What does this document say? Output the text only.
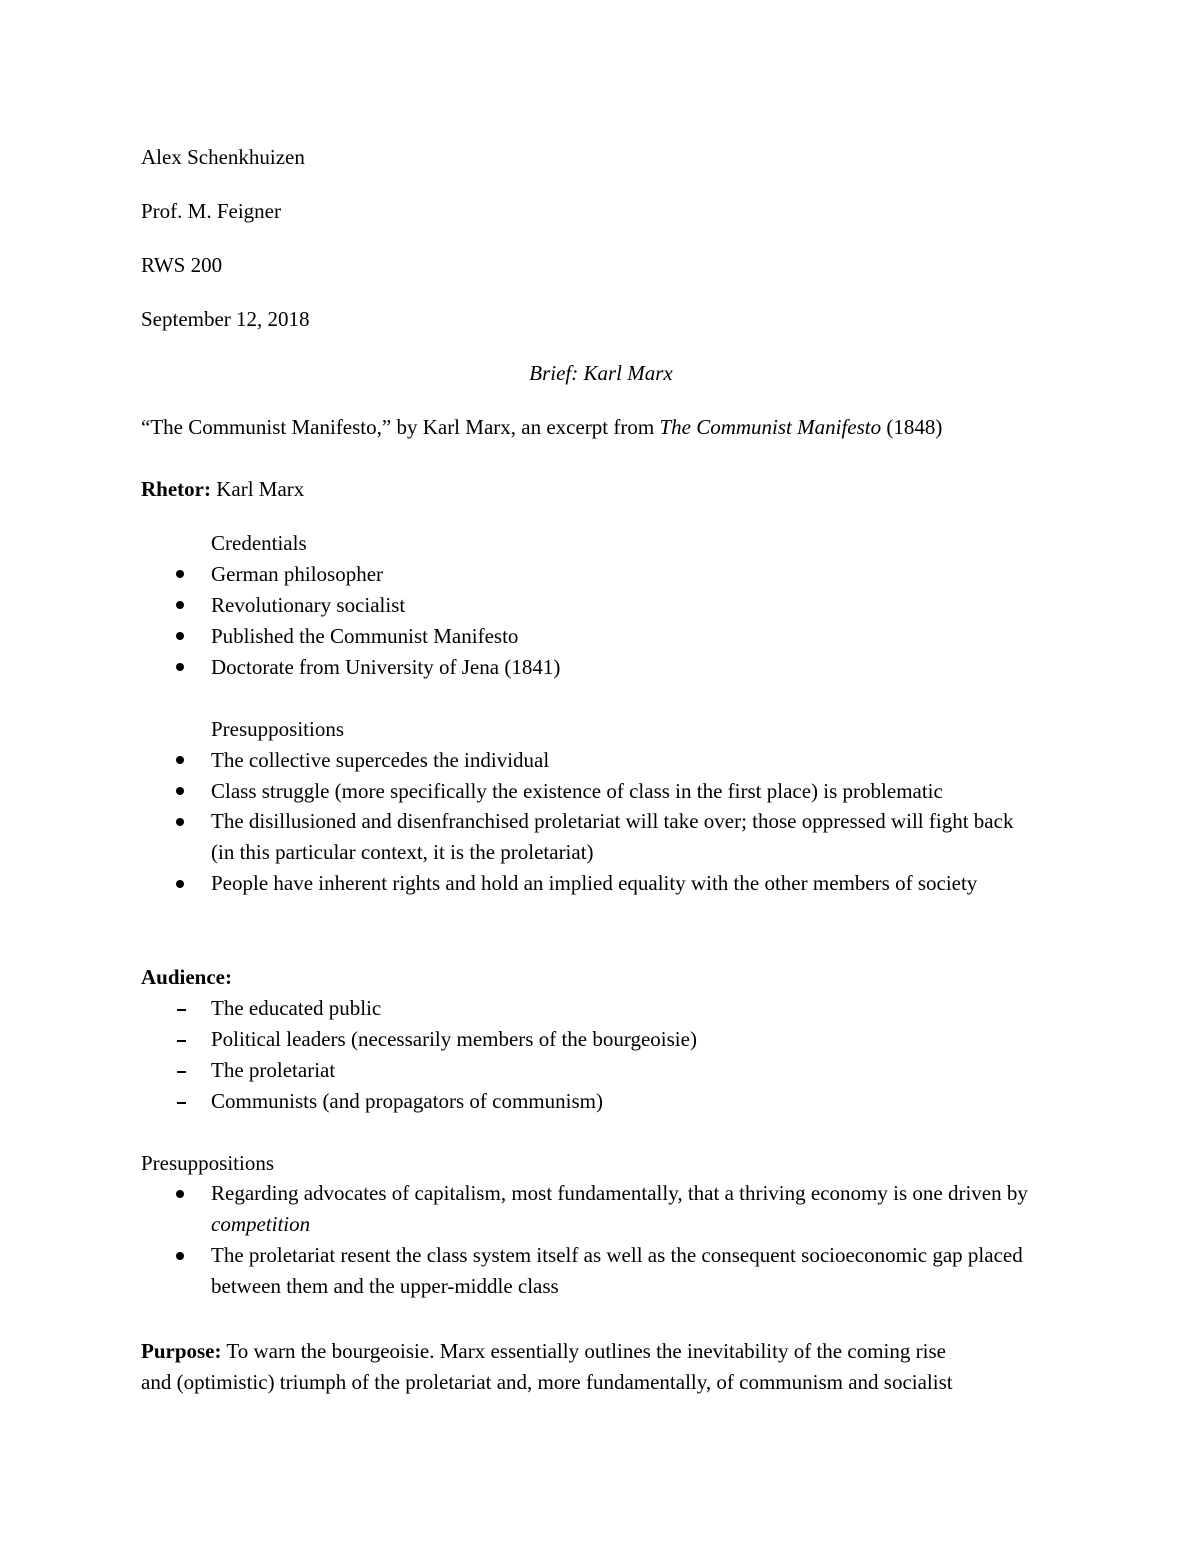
Alex Schenkhuizen
Prof. M. Feigner
RWS 200
September 12, 2018
Brief: Karl Marx
“The Communist Manifesto,” by Karl Marx, an excerpt from The Communist Manifesto (1848)
Rhetor: Karl Marx
Credentials
German philosopher
Revolutionary socialist
Published the Communist Manifesto
Doctorate from University of Jena (1841)
Presuppositions
The collective supercedes the individual
Class struggle (more specifically the existence of class in the first place) is problematic
The disillusioned and disenfranchised proletariat will take over; those oppressed will fight back (in this particular context, it is the proletariat)
People have inherent rights and hold an implied equality with the other members of society
Audience:
The educated public
Political leaders (necessarily members of the bourgeoisie)
The proletariat
Communists (and propagators of communism)
Presuppositions
Regarding advocates of capitalism, most fundamentally, that a thriving economy is one driven by competition
The proletariat resent the class system itself as well as the consequent socioeconomic gap placed between them and the upper-middle class
Purpose: To warn the bourgeoisie. Marx essentially outlines the inevitability of the coming rise
and (optimistic) triumph of the proletariat and, more fundamentally, of communism and socialist
